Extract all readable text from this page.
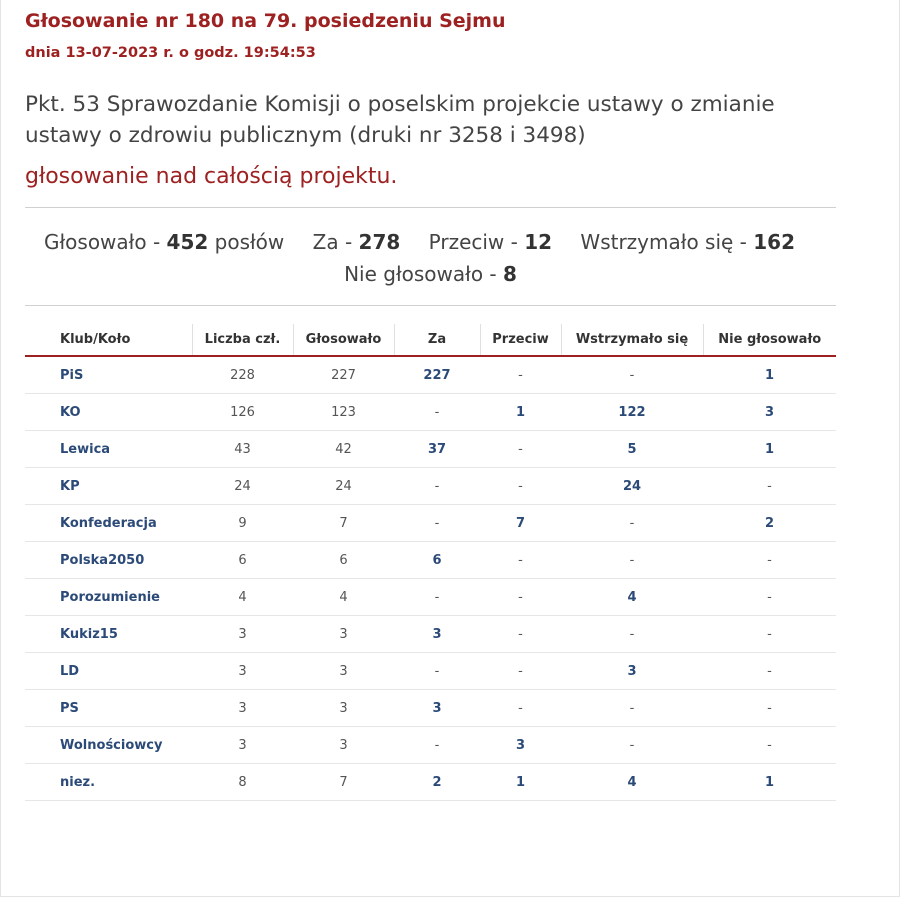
Głosowanie nr 180 na 79. posiedzeniu Sejmu
dnia 13-07-2023 r. o godz. 19:54:53
Pkt. 53 Sprawozdanie Komisji o poselskim projekcie ustawy o zmianie ustawy o zdrowiu publicznym (druki nr 3258 i 3498)
głosowanie nad całością projektu.
Głosowało - 452 posłów Za - 278 Przeciw - 12 Wstrzymało się - 162 Nie głosowało - 8
Klub/Koło	Liczba czł.	Głosowało	Za	Przeciw	Wstrzymało się	Nie głosowało
PiS	228	227	227	-	-	1
KO	126	123	-	1	122	3
Lewica	43	42	37	-	5	1
KP	24	24	-	-	24	-
Konfederacja	9	7	-	7	-	2
Polska2050	6	6	6	-	-	-
Porozumienie	4	4	-	-	4	-
Kukiz15	3	3	3	-	-	-
LD	3	3	-	-	3	-
PS	3	3	3	-	-	-
Wolnościowcy	3	3	-	3	-	-
niez.	8	7	2	1	4	1
